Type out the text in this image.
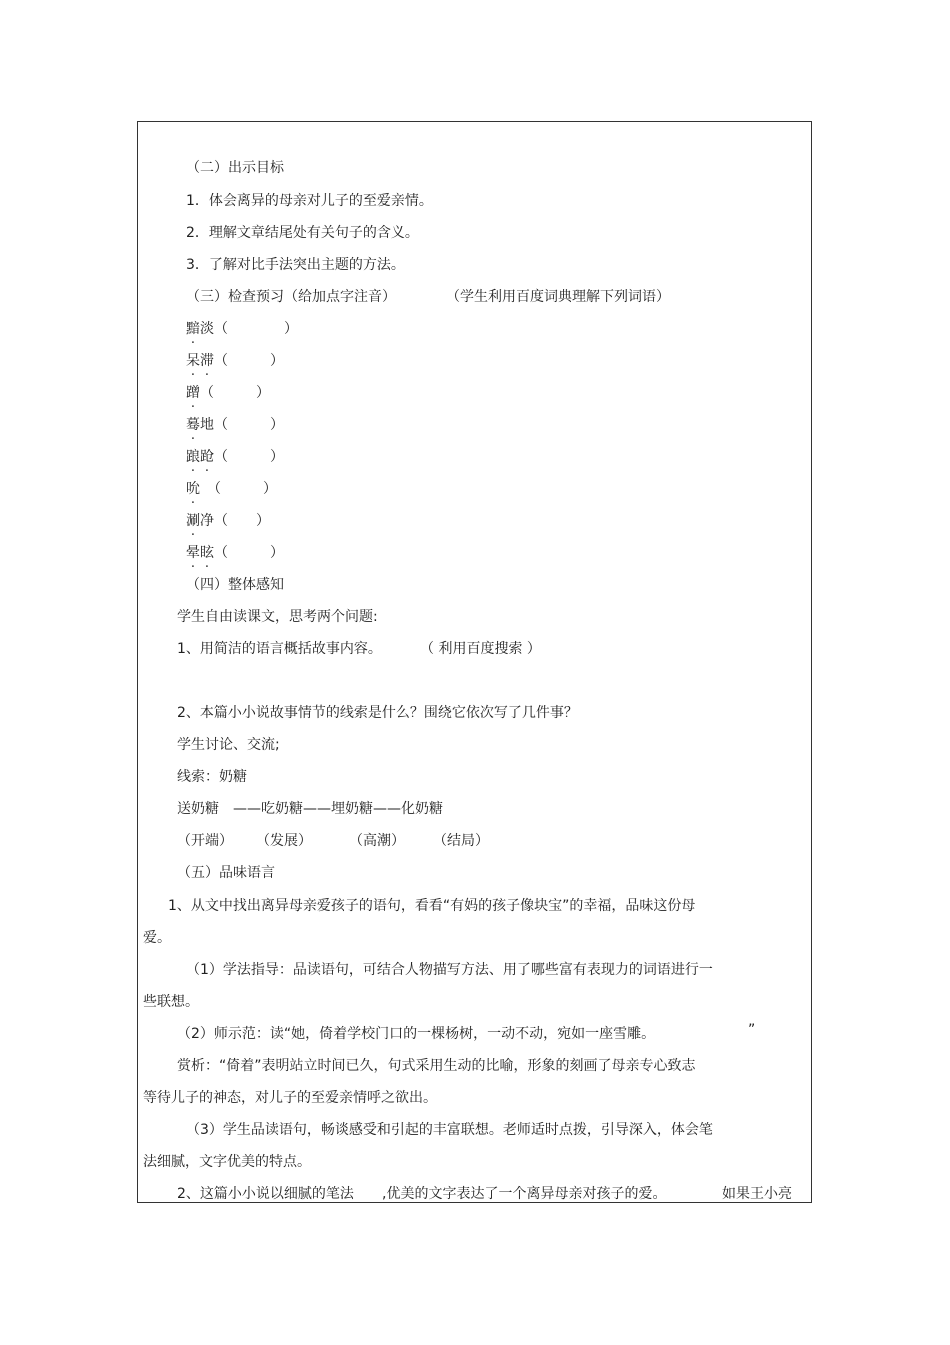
（二）出示目标
1．体会离异的母亲对儿子的至爱亲情。
2．理解文章结尾处有关句子的含义。
3．了解对比手法突出主题的方法。
（三）检查预习（给加点字注音）	（学生利用百度词典理解下列词语）
黯淡（　　　　）
呆滞（　　　）
蹭（　　　）
蓦地（　　　）
踉跄（　　　）
吮　（　　　）
涮净（　　）
晕眩（　　　）
（四）整体感知
学生自由读课文，思考两个问题:
1、用简洁的语言概括故事内容。	（ 利用百度搜索 ）
2、本篇小小说故事情节的线索是什么？围绕它依次写了几件事？
学生讨论、交流;
线索：奶糖
送奶糖　——吃奶糖——埋奶糖——化奶糖
（开端） （发展）	（高潮） （结局）
（五）品味语言
1、从文中找出离异母亲爱孩子的语句，看看“有妈的孩子像块宝”的幸福，品味这份母
爱。
（1）学法指导：品读语句，可结合人物描写方法、用了哪些富有表现力的词语进行一
些联想。
（2）师示范：读“她，倚着学校门口的一棵杨树，一动不动，宛如一座雪雕。	”
赏析：“倚着”表明站立时间已久，句式采用生动的比喻，形象的刻画了母亲专心致志
等待儿子的神态，对儿子的至爱亲情呼之欲出。
（3）学生品读语句，畅谈感受和引起的丰富联想。老师适时点拨，引导深入，体会笔
法细腻，文字优美的特点。
2、这篇小小说以细腻的笔法 ,优美的文字表达了一个离异母亲对孩子的爱。	如果王小亮
